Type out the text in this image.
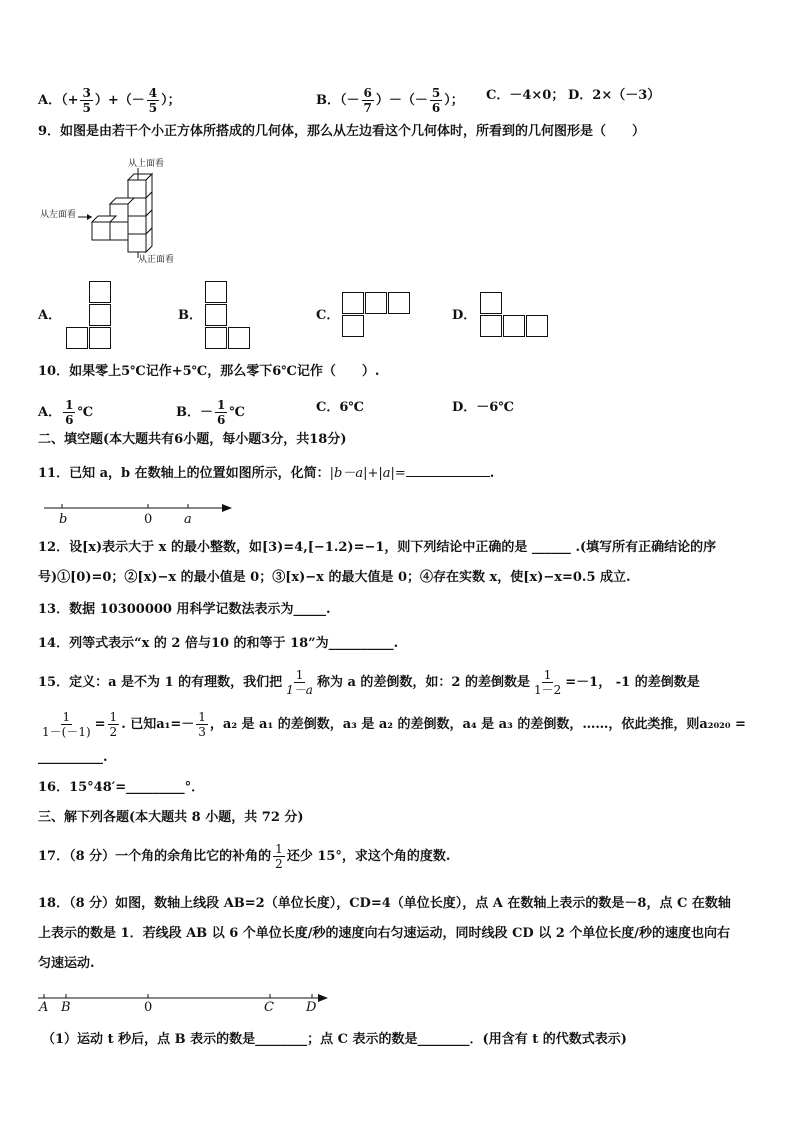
A．（+ $\frac{3}{5}$ ）+（－ $\frac{4}{5}$ ）；	B．（－ $\frac{6}{7}$ ）－（－ $\frac{5}{6}$ ）； C．－4×0； D．2×（－3）
9．如图是由若干个小正方体所搭成的几何体，那么从左边看这个几何体时，所看到的几何图形是（　　）
从上面看
从左面看
从正面看
A．	B．	C．	D．
10．如果零上5℃记作+5℃，那么零下6℃记作（　　）.
A． $\frac{1}{6}$ ℃	B．－ $\frac{1}{6}$ ℃	C．6℃	D．－6℃
二、填空题(本大题共有6小题，每小题3分，共18分)
11．已知 a，b 在数轴上的位置如图所示，化简：|b－a|+|a|=	.
b	0 a
12．设[x)表示大于 x 的最小整数，如[3)=4,[−1.2)=−1，则下列结论中正确的是 ______ .(填写所有正确结论的序
号)①[0)=0；②[x)−x 的最小值是 0；③[x)−x 的最大值是 0；④存在实数 x，使[x)−x=0.5 成立.
13．数据 10300000 用科学记数法表示为_____.
14．列等式表示“x 的 2 倍与10 的和等于 18”为__________.
15．定义：a 是不为 1 的有理数，我们把 $\frac{1}{1-a}$ 称为 a 的差倒数，如：2 的差倒数是 $\frac{1}{1-2} =-1$， -1 的差倒数是
$\frac{1}{1-(-1)} = \frac{1}{2}$ . 已知$a_1=- \frac{1}{3}$ ，a₂ 是 a₁ 的差倒数，a₃ 是 a₂ 的差倒数，a₄ 是 a₃ 的差倒数，……，依此类推，则a₂₀₂₀ =
__________.
16．15°48′=_________°．
三、解下列各题(本大题共 8 小题，共 72 分)
17．（8 分）一个角的余角比它的补角的 $\frac{1}{2}$ 还少 15°，求这个角的度数.
18．（8 分）如图，数轴上线段 AB=2（单位长度），CD=4（单位长度），点 A 在数轴上表示的数是－8，点 C 在数轴
上表示的数是 1．若线段 AB 以 6 个单位长度/秒的速度向右匀速运动，同时线段 CD 以 2 个单位长度/秒的速度也向右
匀速运动.
A B	0	C D
（1）运动 t 秒后，点 B 表示的数是________；点 C 表示的数是________．(用含有 t 的代数式表示)
